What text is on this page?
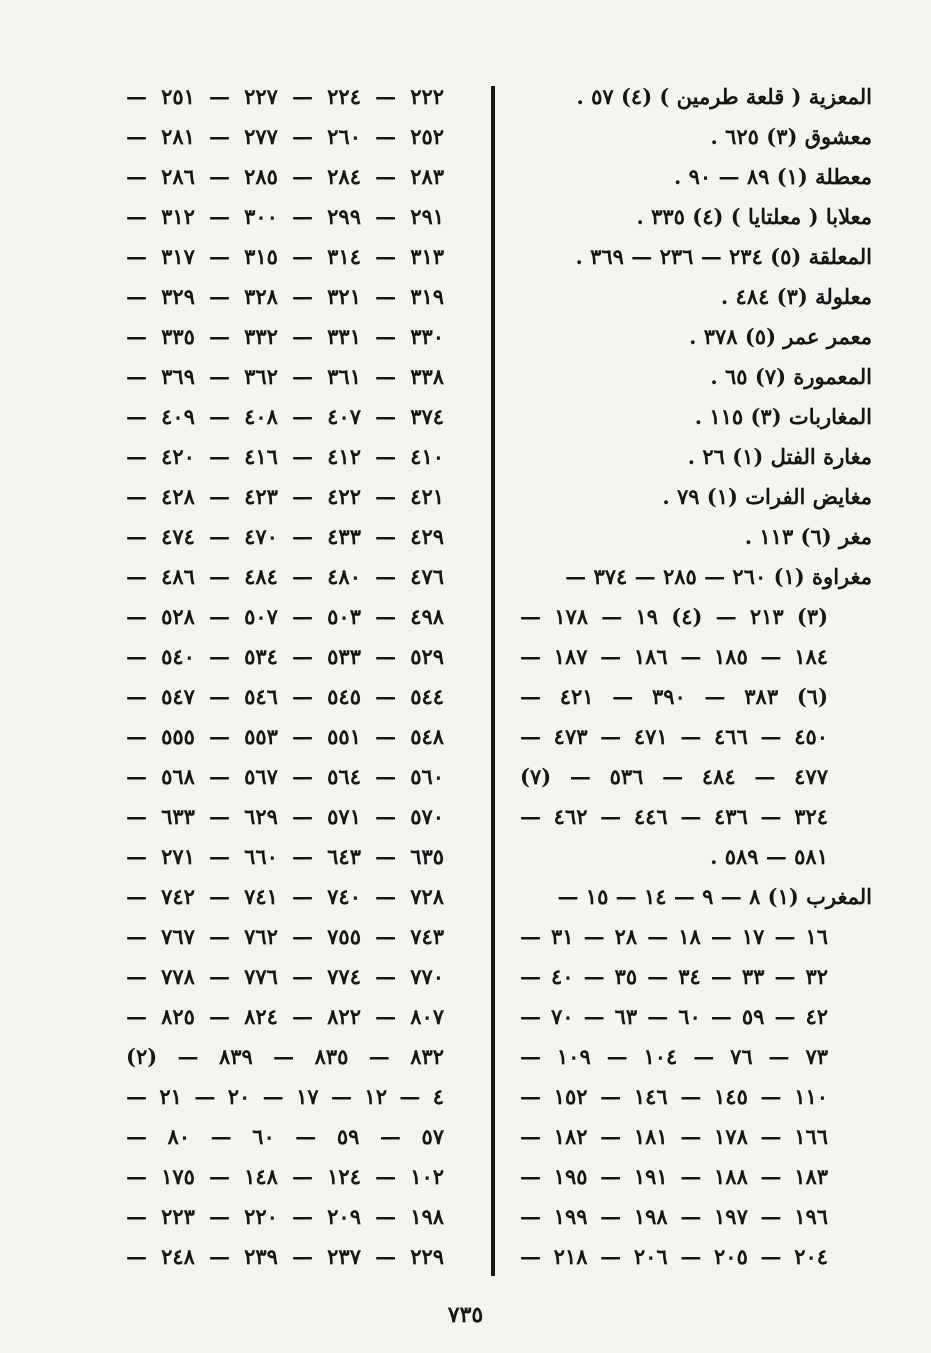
المعزية ( قلعة طرمين ) (٤) ٥٧ .
معشوق (٣) ٦٢٥ .
معطلة (١) ٨٩ — ٩٠ .
معلابا ( معلتايا ) (٤) ٣٣٥ .
المعلقة (٥) ٢٣٤ — ٢٣٦ — ٣٦٩ .
معلولة (٣) ٤٨٤ .
معمر عمر (٥) ٣٧٨ .
المعمورة (٧) ٦٥ .
المغاربات (٣) ١١٥ .
مغارة الفتل (١) ٢٦ .
مغايض الفرات (١) ٧٩ .
مغر (٦) ١١٣ .
مغراوة (١) ٢٦٠ — ٢٨٥ — ٣٧٤ —
(٣) ٢١٣ — (٤) ١٩ — ١٧٨ —
١٨٤ — ١٨٥ — ١٨٦ — ١٨٧ —
(٦) ٣٨٣ — ٣٩٠ — ٤٢١ —
٤٥٠ — ٤٦٦ — ٤٧١ — ٤٧٣ —
٤٧٧ — ٤٨٤ — ٥٣٦ — (٧)
٣٢٤ — ٤٣٦ — ٤٤٦ — ٤٦٢ —
٥٨١ — ٥٨٩ .
المغرب (١) ٨ — ٩ — ١٤ — ١٥ —
١٦ — ١٧ — ١٨ — ٢٨ — ٣١ —
٣٢ — ٣٣ — ٣٤ — ٣٥ — ٤٠ —
٤٢ — ٥٩ — ٦٠ — ٦٣ — ٧٠ —
٧٣ — ٧٦ — ١٠٤ — ١٠٩ —
١١٠ — ١٤٥ — ١٤٦ — ١٥٢ —
١٦٦ — ١٧٨ — ١٨١ — ١٨٢ —
١٨٣ — ١٨٨ — ١٩١ — ١٩٥ —
١٩٦ — ١٩٧ — ١٩٨ — ١٩٩ —
٢٠٤ — ٢٠٥ — ٢٠٦ — ٢١٨ —
٢٢٢ — ٢٢٤ — ٢٢٧ — ٢٥١ —
٢٥٢ — ٢٦٠ — ٢٧٧ — ٢٨١ —
٢٨٣ — ٢٨٤ — ٢٨٥ — ٢٨٦ —
٢٩١ — ٢٩٩ — ٣٠٠ — ٣١٢ —
٣١٣ — ٣١٤ — ٣١٥ — ٣١٧ —
٣١٩ — ٣٢١ — ٣٢٨ — ٣٢٩ —
٣٣٠ — ٣٣١ — ٣٣٢ — ٣٣٥ —
٣٣٨ — ٣٦١ — ٣٦٢ — ٣٦٩ —
٣٧٤ — ٤٠٧ — ٤٠٨ — ٤٠٩ —
٤١٠ — ٤١٢ — ٤١٦ — ٤٢٠ —
٤٢١ — ٤٢٢ — ٤٢٣ — ٤٢٨ —
٤٢٩ — ٤٣٣ — ٤٧٠ — ٤٧٤ —
٤٧٦ — ٤٨٠ — ٤٨٤ — ٤٨٦ —
٤٩٨ — ٥٠٣ — ٥٠٧ — ٥٢٨ —
٥٢٩ — ٥٣٣ — ٥٣٤ — ٥٤٠ —
٥٤٤ — ٥٤٥ — ٥٤٦ — ٥٤٧ —
٥٤٨ — ٥٥١ — ٥٥٣ — ٥٥٥ —
٥٦٠ — ٥٦٤ — ٥٦٧ — ٥٦٨ —
٥٧٠ — ٥٧١ — ٦٢٩ — ٦٣٣ —
٦٣٥ — ٦٤٣ — ٦٦٠ — ٢٧١ —
٧٢٨ — ٧٤٠ — ٧٤١ — ٧٤٢ —
٧٤٣ — ٧٥٥ — ٧٦٢ — ٧٦٧ —
٧٧٠ — ٧٧٤ — ٧٧٦ — ٧٧٨ —
٨٠٧ — ٨٢٢ — ٨٢٤ — ٨٢٥ —
٨٣٢ — ٨٣٥ — ٨٣٩ — (٢)
٤ — ١٢ — ١٧ — ٢٠ — ٢١ —
٥٧ — ٥٩ — ٦٠ — ٨٠ —
١٠٢ — ١٢٤ — ١٤٨ — ١٧٥ —
١٩٨ — ٢٠٩ — ٢٢٠ — ٢٢٣ —
٢٢٩ — ٢٣٧ — ٢٣٩ — ٢٤٨ —
٧٣٥
